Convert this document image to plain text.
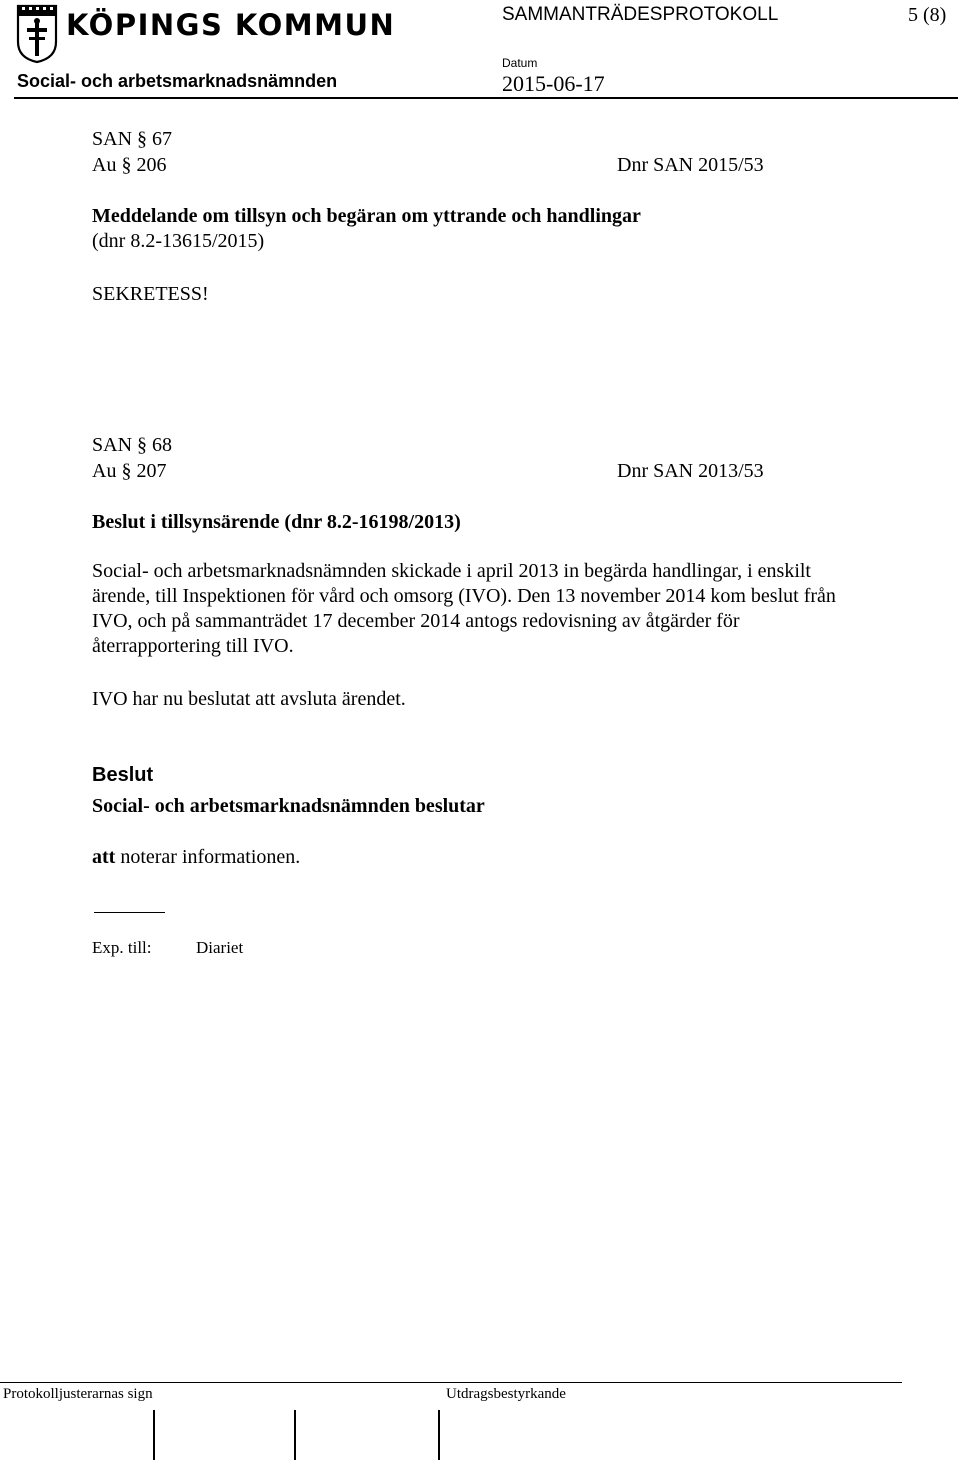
KÖPINGS KOMMUN
Social- och arbetsmarknadsnämnden
SAMMANTRÄDESPROTOKOLL	5 (8)
Datum
2015-06-17
SAN § 67
Au § 206	Dnr SAN 2015/53
Meddelande om tillsyn och begäran om yttrande och handlingar
(dnr 8.2-13615/2015)
SEKRETESS!
SAN § 68
Au § 207	Dnr SAN 2013/53
Beslut i tillsynsärende (dnr 8.2-16198/2013)
Social- och arbetsmarknadsnämnden skickade i april 2013 in begärda handlingar, i enskilt ärende, till Inspektionen för vård och omsorg (IVO). Den 13 november 2014 kom beslut från IVO, och på sammanträdet 17 december 2014 antogs redovisning av åtgärder för återrapportering till IVO.
IVO har nu beslutat att avsluta ärendet.
Beslut
Social- och arbetsmarknadsnämnden beslutar
att noterar informationen.
Exp. till:	Diariet
Protokolljusterarnas sign	Utdragsbestyrkande
